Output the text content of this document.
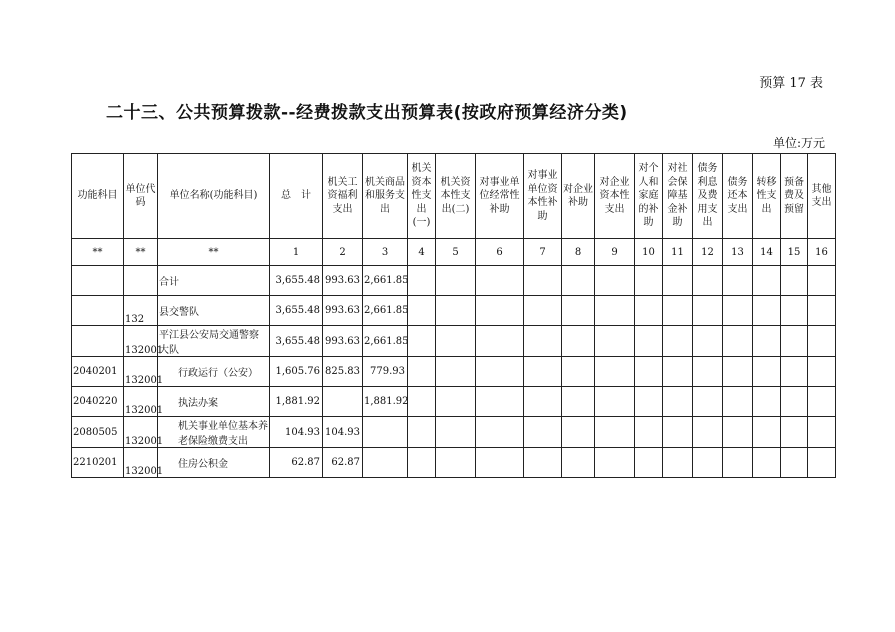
预算 17 表
二十三、公共预算拨款--经费拨款支出预算表(按政府预算经济分类)
单位:万元
功能科目	单位代码	单位名称(功能科目)	总　计	机关工资福利支出	机关商品和服务支出	机关资本性支出(一)	机关资本性支出(二)	对事业单位经常性补助	对事业单位资本性补助	对企业补助	对企业资本性支出	对个人和家庭的补助	对社会保障基金补助	债务利息及费用支出	债务还本支出	转移性支出	预备费及预留	其他支出
**	**	**	1	2	3	4	5	6	7	8	9	10	11	12	13	14	15	16
		合计	3,655.48	993.63	2,661.85													
	132	县交警队	3,655.48	993.63	2,661.85													
	132001	平江县公安局交通警察大队	3,655.48	993.63	2,661.85													
2040201	132001	行政运行（公安）	1,605.76	825.83	779.93													
2040220	132001	执法办案	1,881.92		1,881.92													
2080505	132001	机关事业单位基本养老保险缴费支出	104.93	104.93														
2210201	132001	住房公积金	62.87	62.87														
